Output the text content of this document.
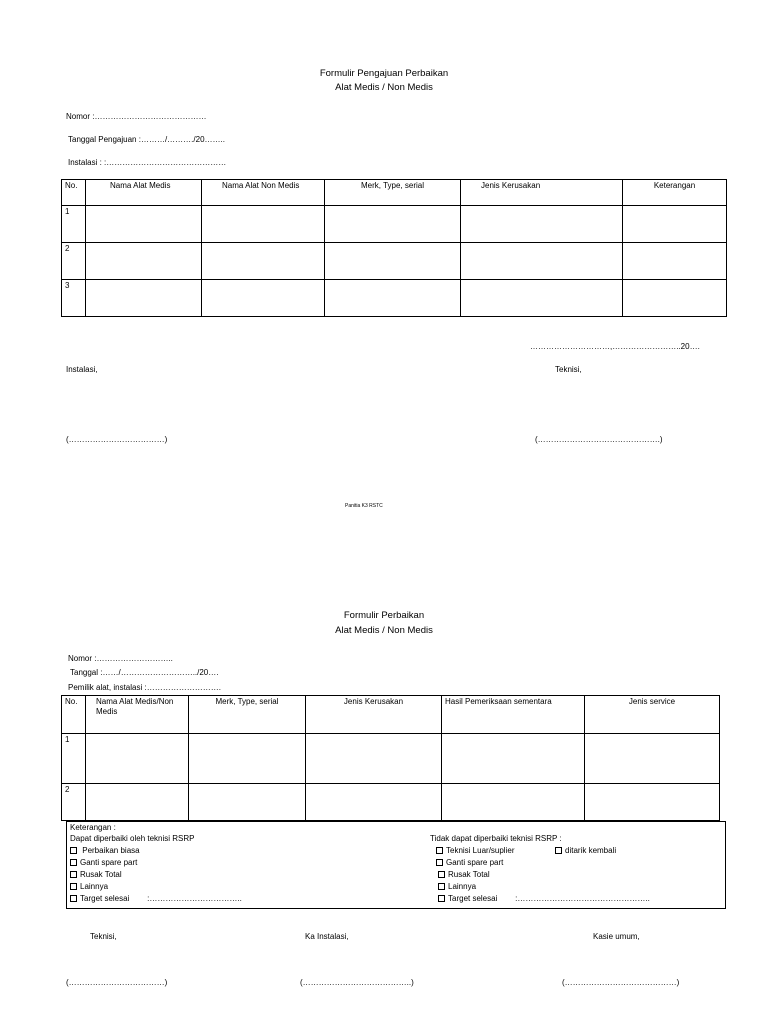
Formulir Pengajuan Perbaikan
Alat Medis / Non Medis
Nomor :……………………………………
Tanggal Pengajuan :………/………./20……..
Instalasi : :………………………………………
No.	Nama Alat Medis	Nama Alat Non Medis	Merk, Type, serial	Jenis Kerusakan	Keterangan
1					
2					
3					
…………………………,……………………..20….
Instalasi,	Teknisi,
(………………………………)	(……………………………………….)
Panitia K3 RSTC
Formulir Perbaikan
Alat Medis / Non Medis
Nomor :………………………..
Tanggal :……/………………………../20….
Pemilik alat, instalasi :……………………….
No.	Nama Alat Medis/Non Medis	Merk, Type, serial	Jenis Kerusakan	Hasil Pemeriksaan sementara	Jenis service
1					
2					
Keterangan :
Dapat diperbaiki oleh teknisi RSRP
Perbaikan biasa
Ganti spare part
Rusak Total
Lainnya
Target selesai        :……………………………..
Tidak dapat diperbaiki teknisi RSRP :
Teknisi Luar/suplier	ditarik kembali
Ganti spare part
Rusak Total
Lainnya
Target selesai        :…………………………………………..
Teknisi,	Ka Instalasi,	Kasie umum,
(………………………………)	(…………………………………..)	(……………………………………)
